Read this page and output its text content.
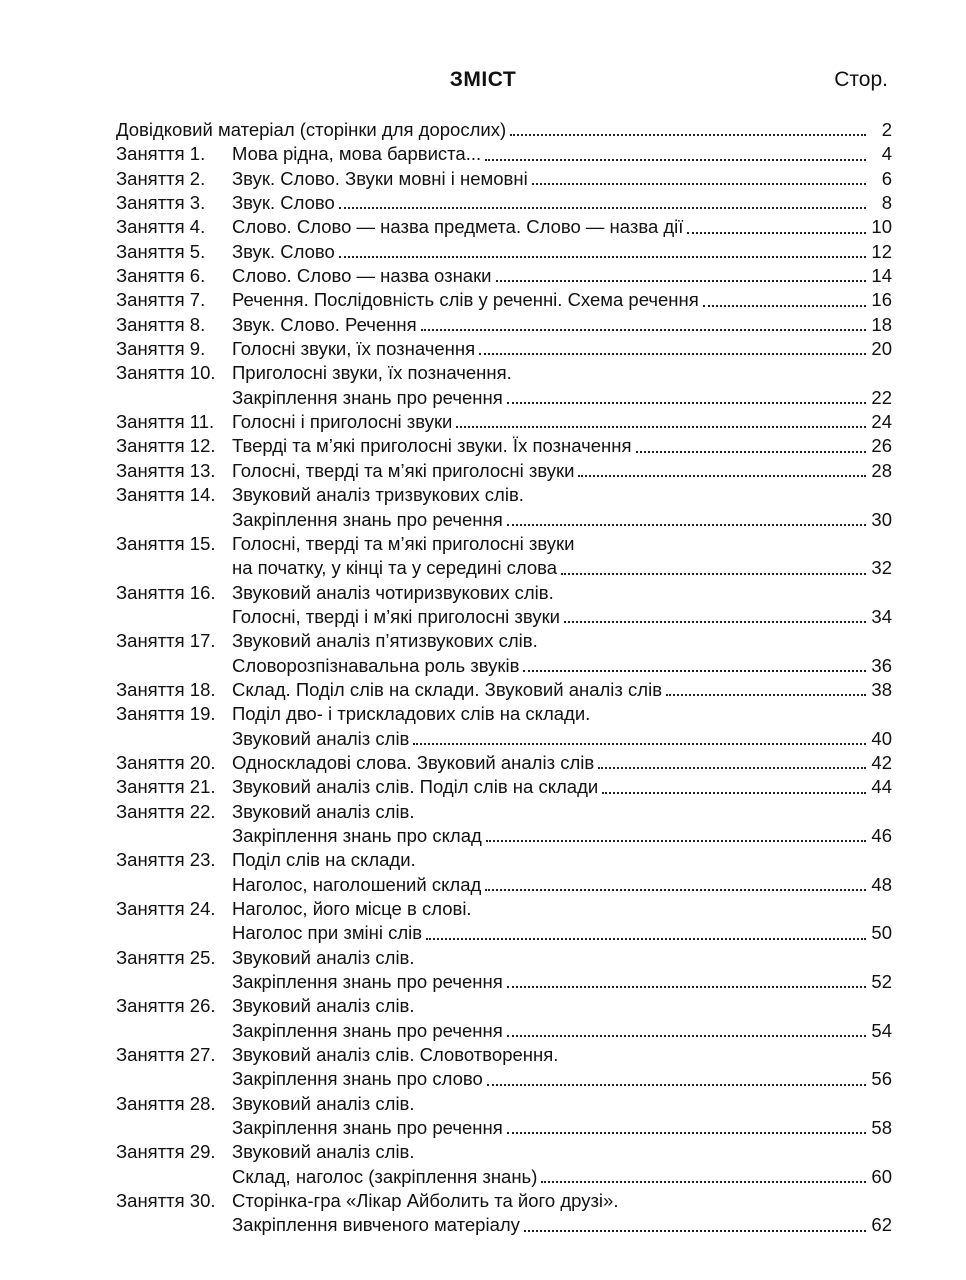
ЗМІСТ	Стор.
Довідковий матеріал (сторінки для дорослих)	2
Заняття 1.	Мова рідна, мова барвиста...	4
Заняття 2.	Звук. Слово. Звуки мовні і немовні	6
Заняття 3.	Звук. Слово	8
Заняття 4.	Слово. Слово — назва предмета. Слово — назва дії	10
Заняття 5.	Звук. Слово	12
Заняття 6.	Слово. Слово — назва ознаки	14
Заняття 7.	Речення. Послідовність слів у реченні. Схема речення	16
Заняття 8.	Звук. Слово. Речення	18
Заняття 9.	Голосні звуки, їх позначення	20
Заняття 10. Приголосні звуки, їх позначення.
Закріплення знань про речення	22
Заняття 11. Голосні і приголосні звуки	24
Заняття 12. Тверді та м’які приголосні звуки. Їх позначення	26
Заняття 13. Голосні, тверді та м’які приголосні звуки	28
Заняття 14. Звуковий аналіз тризвукових слів.
Закріплення знань про речення	30
Заняття 15. Голосні, тверді та м’які приголосні звуки
на початку, у кінці та у середині слова	32
Заняття 16. Звуковий аналіз чотиризвукових слів.
Голосні, тверді і м’які приголосні звуки	34
Заняття 17. Звуковий аналіз п’ятизвукових слів.
Словорозпізнавальна роль звуків	36
Заняття 18. Склад. Поділ слів на склади. Звуковий аналіз слів	38
Заняття 19. Поділ дво- і трискладових слів на склади.
Звуковий аналіз слів	40
Заняття 20. Односкладові слова. Звуковий аналіз слів	42
Заняття 21. Звуковий аналіз слів. Поділ слів на склади	44
Заняття 22. Звуковий аналіз слів.
Закріплення знань про склад	46
Заняття 23. Поділ слів на склади.
Наголос, наголошений склад	48
Заняття 24. Наголос, його місце в слові.
Наголос при зміні слів	50
Заняття 25. Звуковий аналіз слів.
Закріплення знань про речення	52
Заняття 26. Звуковий аналіз слів.
Закріплення знань про речення	54
Заняття 27. Звуковий аналіз слів. Словотворення.
Закріплення знань про слово	56
Заняття 28. Звуковий аналіз слів.
Закріплення знань про речення	58
Заняття 29. Звуковий аналіз слів.
Склад, наголос (закріплення знань)	60
Заняття 30. Сторінка-гра «Лікар Айболить та його друзі».
Закріплення вивченого матеріалу	62
